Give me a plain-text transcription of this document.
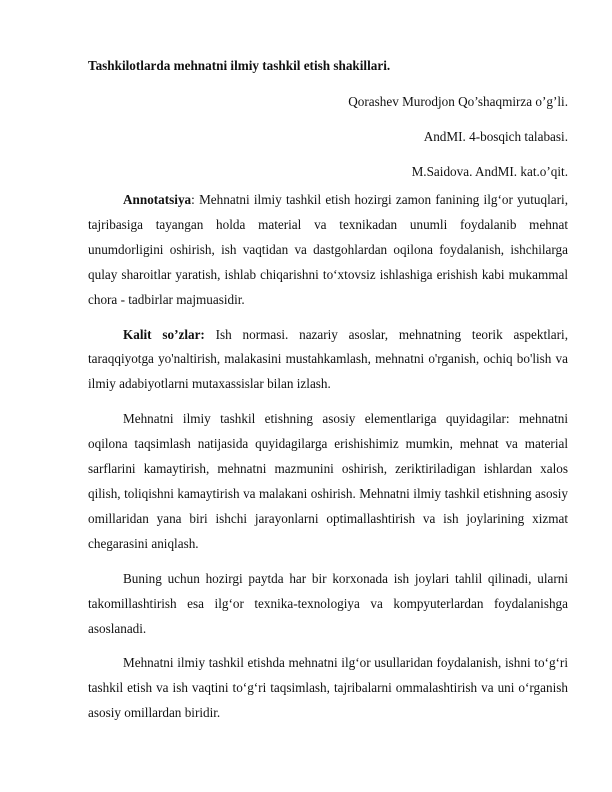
Tashkilotlarda mehnatni ilmiy tashkil etish shakillari.
Qorashev Murodjon Qo’shaqmirza o’g’li.
AndMI. 4-bosqich talabasi.
M.Saidova. AndMI. kat.o’qit.

Annotatsiya: Mehnatni ilmiy tashkil etish hozirgi zamon fanining ilg‘or yutuqlari, tajribasiga tayangan holda material va texnikadan unumli foydalanib mehnat unumdorligini oshirish, ish vaqtidan va dastgohlardan oqilona foydalanish, ishchilarga qulay sharoitlar yaratish, ishlab chiqarishni to‘xtovsiz ishlashiga erishish kabi mukammal chora - tadbirlar majmuasidir.

Kalit so’zlar: Ish normasi. nazariy asoslar, mehnatning teorik aspektlari, taraqqiyotga yo'naltirish, malakasini mustahkamlash, mehnatni o'rganish, ochiq bo'lish va ilmiy adabiyotlarni mutaxassislar bilan izlash.

Mehnatni ilmiy tashkil etishning asosiy elementlariga quyidagilar: mehnatni oqilona taqsimlash natijasida quyidagilarga erishishimiz mumkin, mehnat va material sarflarini kamaytirish, mehnatni mazmunini oshirish, zeriktiriladigan ishlardan xalos qilish, toliqishni kamaytirish va malakani oshirish. Mehnatni ilmiy tashkil etishning asosiy omillaridan yana biri ishchi jarayonlarni optimallashtirish va ish joylarining xizmat chegarasini aniqlash.

Buning uchun hozirgi paytda har bir korxonada ish joylari tahlil qilinadi, ularni takomillashtirish esa ilg‘or texnika-texnologiya va kompyuterlardan foydalanishga asoslanadi.

Mehnatni ilmiy tashkil etishda mehnatni ilg‘or usullaridan foydalanish, ishni to‘g‘ri tashkil etish va ish vaqtini to‘g‘ri taqsimlash, tajribalarni ommalashtirish va uni o‘rganish asosiy omillardan biridir.
